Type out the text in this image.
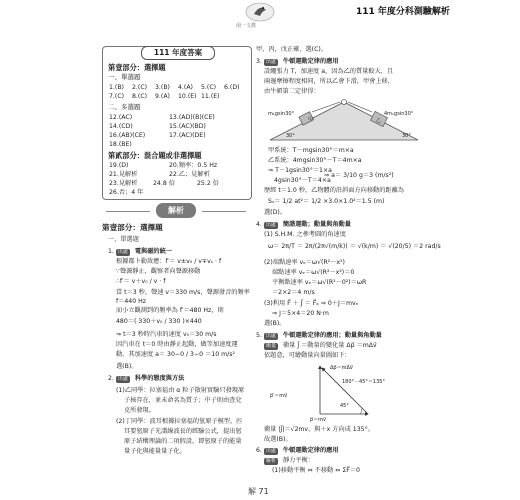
南一文教
111 年度分科測驗解析
111 年度答案
第壹部分：選擇題
一、單選題
1.(B)	2.(C)	3.(B)	4.(A)	5.(C)	6.(D)
7.(C)	8.(C)	9.(A)	10.(E) 11.(E)
二、多選題
12.(AC)	13.(AD)(B)(CE)
14.(CD)	15.(AC)(BD)
16.(AB)(CE)	17.(AC)(DE)
18.(BE)
第貳部分：混合題或非選擇題
19.(D)	20.頻率：0.5 Hz
21.見解析	22.乙；見解析
23.見解析	24.8 倍	25.2 倍
26.否；4 年
解析
第壹部分：選擇題
一、單選題
1. 出處 電與磁的統一
根據都卜勒效應：f′＝ v±v₀ / v∓vₛ · f
∵聲源靜止，觀察者向聲源移動
∴f′＝ v＋v₀ / v · f
當 t＝3 秒，聲速 v＝330 m/s，聲源發音的頻率
f＝440 Hz
而小立觀測到的頻率為 f′＝480 Hz，則
480＝( 330＋v₀ / 330 )×440
⇒ t＝3 秒時汽車的速度 v₀＝30 m/s
因汽車在 t＝0 時由靜止起動，做等加速度運
動，其加速度 a＝ 30−0 / 3−0 ＝10 m/s²
選(B)。
2. 出處 科學的態度與方法
(1)乙同學：拉塞福由 α 粒子散射實驗只發現原
子核存在，並未命名為質子；中子則由查兌
克所發現。
(2)丁同學：波耳根據拉塞福的氫原子模型，匹
耳要氫原子光譜線波長的經驗公式，提出氫
原子結構理論的二項假設，即氫原子的能量
量子化與能量量子化。
甲、丙，戊正確，選(C)。
3. 出處 牛頓運動定律的應用
設繩張力 T，加速度 a，因為乙的質量較大，且
兩邊摩擦程度相同，所以乙會下滑，甲會上移，
由牛頓第二定律得：
m₁gsin30°	4m₁gsin30°
甲	乙
30°	30°
甲系統：T－mgsin30°＝m×a
乙系統：4mgsin30°－T＝4m×a
⇒ T－1gsin30°＝1×a
4gsin30°－T＝4×a
⇒ a＝ 3/10 g＝3 (m/s²)
歷經 t＝1.0 秒，乙物體的沿斜面方向移動的距離為
Sₛ＝ 1/2 at²＝ 1/2 ×3.0×1.0²＝1.5 (m)
選(D)。
4. 出處 簡諧運動；動量與角動量
(1) S.H.M. 之參考圓的角速度
ω＝ 2π/T ＝ 2π/(2π√(m/k)) ＝ √(k/m) ＝ √(20/5) ＝2 rad/s
(2)端點速率 vₑ＝ω√(R²－x²)
端點速率 vₑ＝ω√(R²－x²)＝0
平衡點速率 vₑ＝ω√(R²－0²)＝ωR
＝2×2＝4 m/s
(3)利用 F⃗ ＋ J⃗ ＝ F⃗ₐ ⇒ 0＋J＝mvₑ
⇒ J＝5×4＝20 N·m
選(B)。
5. 出處 牛頓運動定律的應用；動量與角動量
衝量 衝量 J⃗ ＝動量的變化量 Δp⃗ ＝mΔv⃗
依題意，可繪動量向量圖如下：
Δp⃗＝mΔv⃗
180°－45°＝135°
p⃗′＝mv⃗
45°
p⃗＝mv⃗
衝量 |J⃗|＝√2mv，與＋x 方向成 135°。
故選(B)。
6. 出處 牛頓運動定律的應用
解析 靜力平衡：
(1)移動平衡 ⇔ 不移動 ⇔ ΣF⃗＝0
解 71
